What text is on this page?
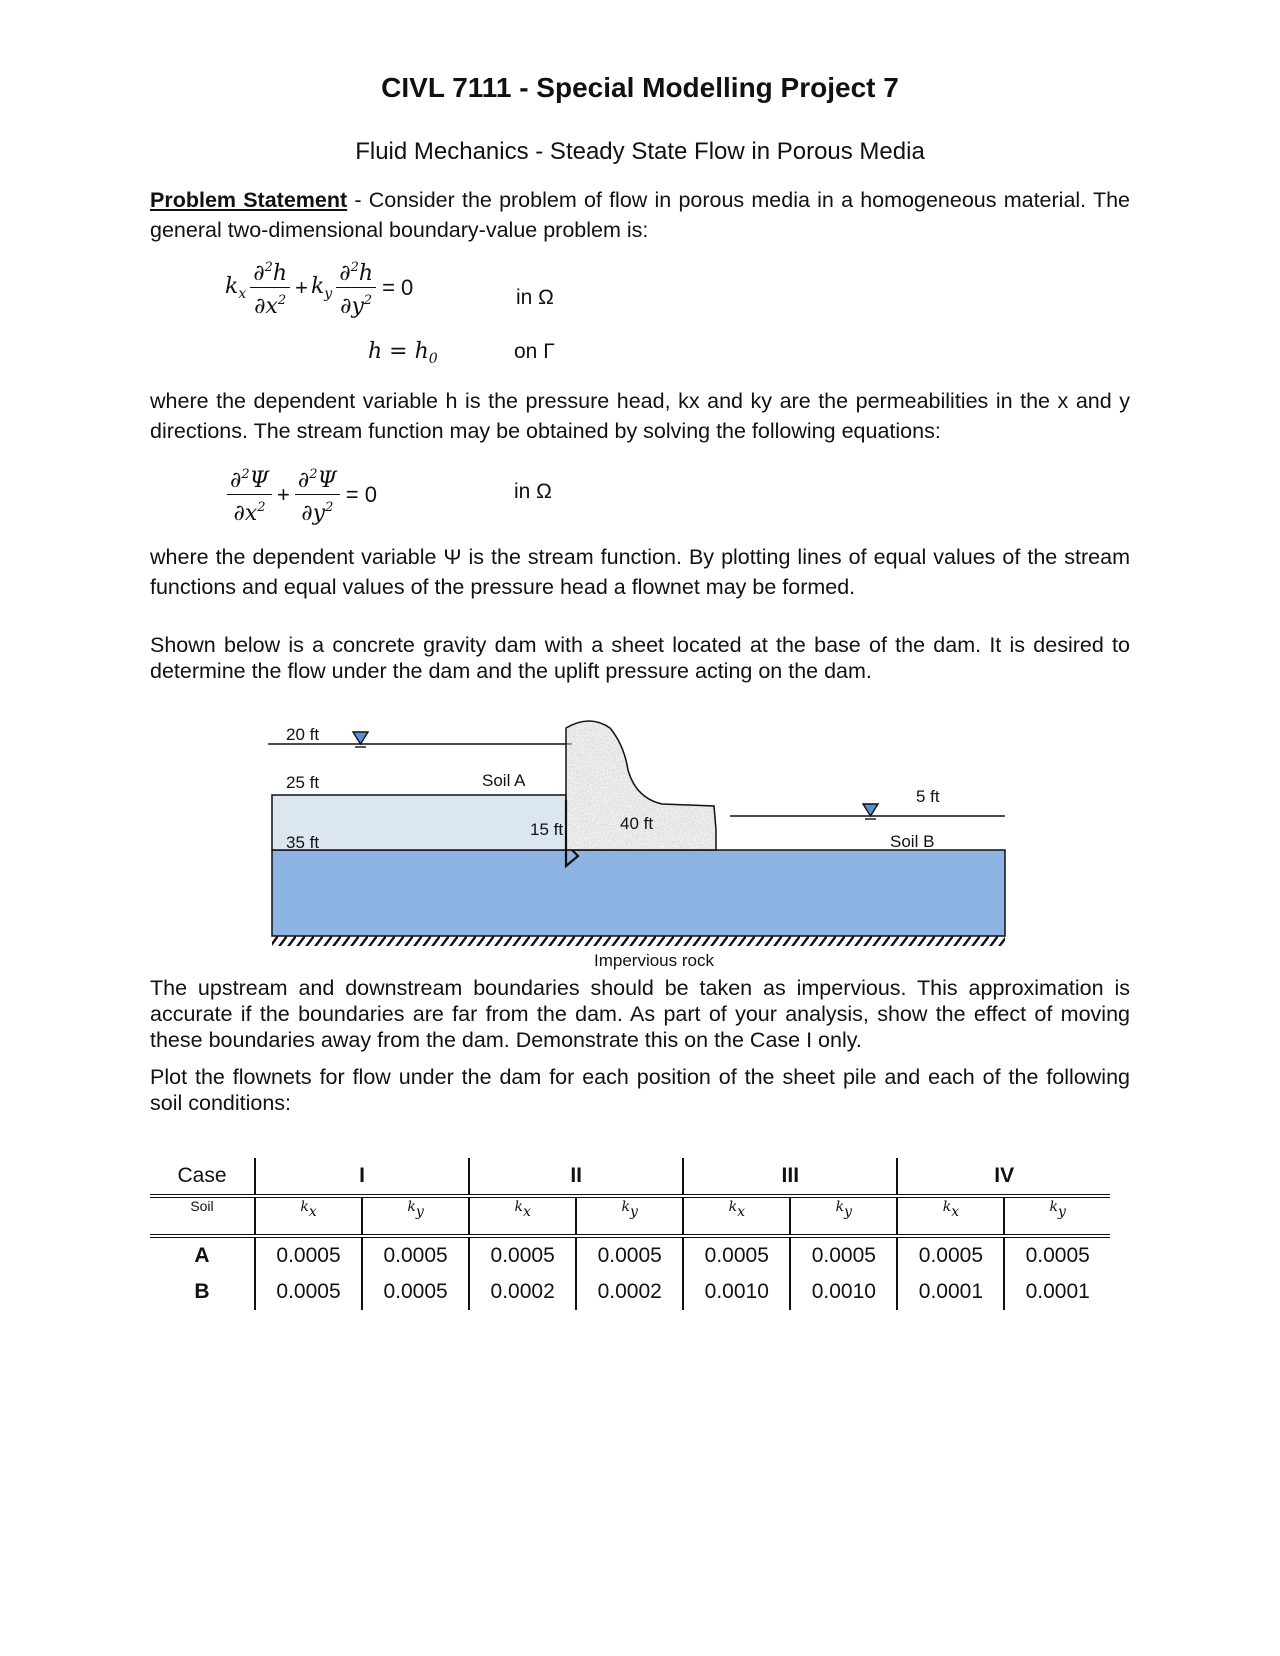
CIVL 7111 - Special Modelling Project 7
Fluid Mechanics - Steady State Flow in Porous Media
Problem Statement - Consider the problem of flow in porous media in a homogeneous material. The general two-dimensional boundary-value problem is:
$k_x \frac{\partial^2h}{\partial x^2} + k_y \frac{\partial^2h}{\partial y^2} = 0$	in Ω
$h = h_0$	on Γ
where the dependent variable h is the pressure head, kx and ky are the permeabilities in the x and y directions. The stream function may be obtained by solving the following equations:
$\frac{\partial^2\Psi}{\partial x^2} + \frac{\partial^2\Psi}{\partial y^2} = 0$	in Ω
where the dependent variable Ψ is the stream function. By plotting lines of equal values of the stream functions and equal values of the pressure head a flownet may be formed.
Shown below is a concrete gravity dam with a sheet located at the base of the dam. It is desired to determine the flow under the dam and the uplift pressure acting on the dam.
20 ft
25 ft
35 ft
Soil A
15 ft	40 ft
5 ft
Soil B
Impervious rock
The upstream and downstream boundaries should be taken as impervious. This approximation is accurate if the boundaries are far from the dam. As part of your analysis, show the effect of moving these boundaries away from the dam. Demonstrate this on the Case I only.
Plot the flownets for flow under the dam for each position of the sheet pile and each of the following soil conditions:
Case	I		II		III		IV	
Soil	kx	ky	kx	ky	kx	ky	kx	ky
A	0.0005	0.0005	0.0005	0.0005	0.0005	0.0005	0.0005	0.0005
B	0.0005	0.0005	0.0002	0.0002	0.0010	0.0010	0.0001	0.0001
